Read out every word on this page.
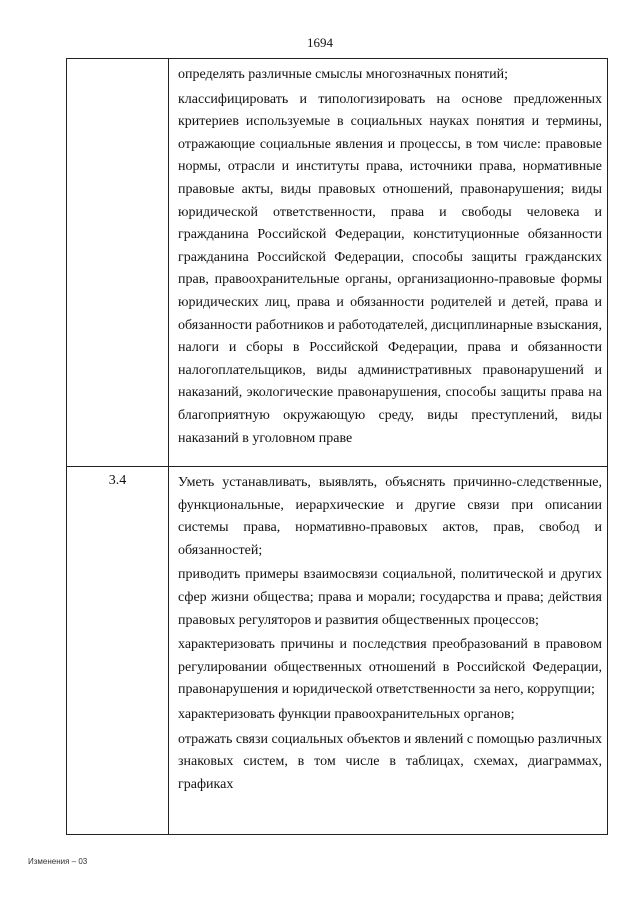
1694

	определять различные смыслы многозначных понятий;

классифицировать и типологизировать на основе предложенных критериев используемые в социальных науках понятия и термины, отражающие социальные явления и процессы, в том числе: правовые нормы, отрасли и институты права, источники права, нормативные правовые акты, виды правовых отношений, правонарушения; виды юридической ответственности, права и свободы человека и гражданина Российской Федерации, конституционные обязанности гражданина Российской Федерации, способы защиты гражданских прав, правоохранительные органы, организационно-правовые формы юридических лиц, права и обязанности родителей и детей, права и обязанности работников и работодателей, дисциплинарные взыскания, налоги и сборы в Российской Федерации, права и обязанности налогоплательщиков, виды административных правонарушений и наказаний, экологические правонарушения, способы защиты права на благоприятную окружающую среду, виды преступлений, виды наказаний в уголовном праве

3.4	Уметь устанавливать, выявлять, объяснять причинно-следственные, функциональные, иерархические и другие связи при описании системы права, нормативно-правовых актов, прав, свобод и обязанностей;

приводить примеры взаимосвязи социальной, политической и других сфер жизни общества; права и морали; государства и права; действия правовых регуляторов и развития общественных процессов;

характеризовать причины и последствия преобразований в правовом регулировании общественных отношений в Российской Федерации, правонарушения и юридической ответственности за него, коррупции;

характеризовать функции правоохранительных органов;

отражать связи социальных объектов и явлений с помощью различных знаковых систем, в том числе в таблицах, схемах, диаграммах, графиках

Изменения – 03
